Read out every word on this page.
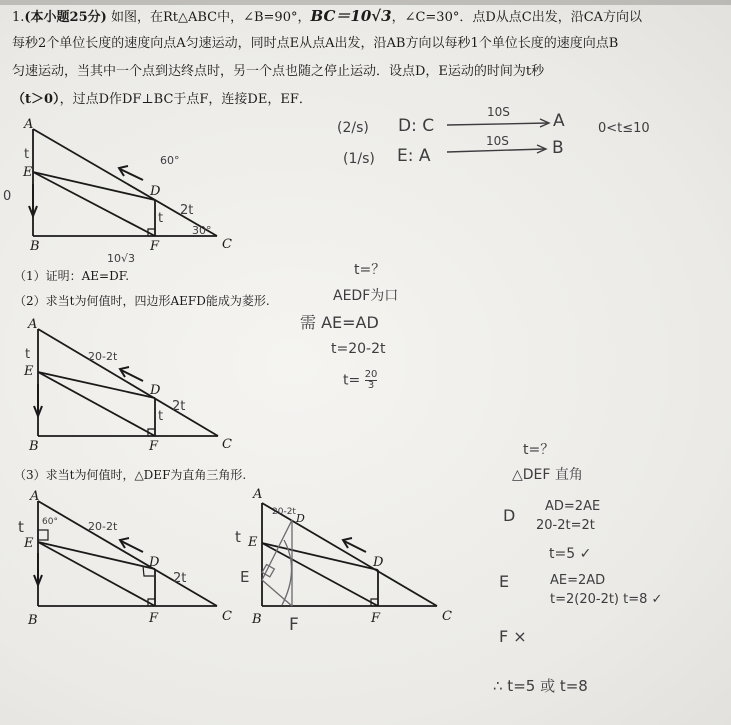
1.(本小题25分) 如图，在Rt△ABC中，∠B=90°，BC＝10√3，∠C=30°．点D从点C出发，沿CA方向以
每秒2个单位长度的速度向点A匀速运动，同时点E从点A出发，沿AB方向以每秒1个单位长度的速度向点B
匀速运动，当其中一个点到达终点时，另一个点也随之停止运动．设点D，E运动的时间为t秒
（t＞0），过点D作DF⊥BC于点F，连接DE，EF．
A
E
B	F	C
D
t
0
60°
t
2t
30°
10√3
(2/s) D: C
10S	A	0<t≤10
(1/s) E: A
10S	B
（1）证明：AE=DF.
（2）求当t为何值时，四边形AEFD能成为菱形.
t=？
AEDF为口
需 AE=AD
t=20-2t
$t= \frac{20}{3}$
A
E
B	F	C
D
t	20-2t
t
2t
（3）求当t为何值时，△DEF为直角三角形.
A
E
B	F	C
D
t 60°	20-2t
2t
A
E
B	F	C
D
D
t
20-2t
E
F
t=？
△DEF 直角
D AD=2AE
20-2t=2t
t=5 ✓
E	AE=2AD
t=2(20-2t) t=8 ✓
F ×
∴ t=5 或 t=8
